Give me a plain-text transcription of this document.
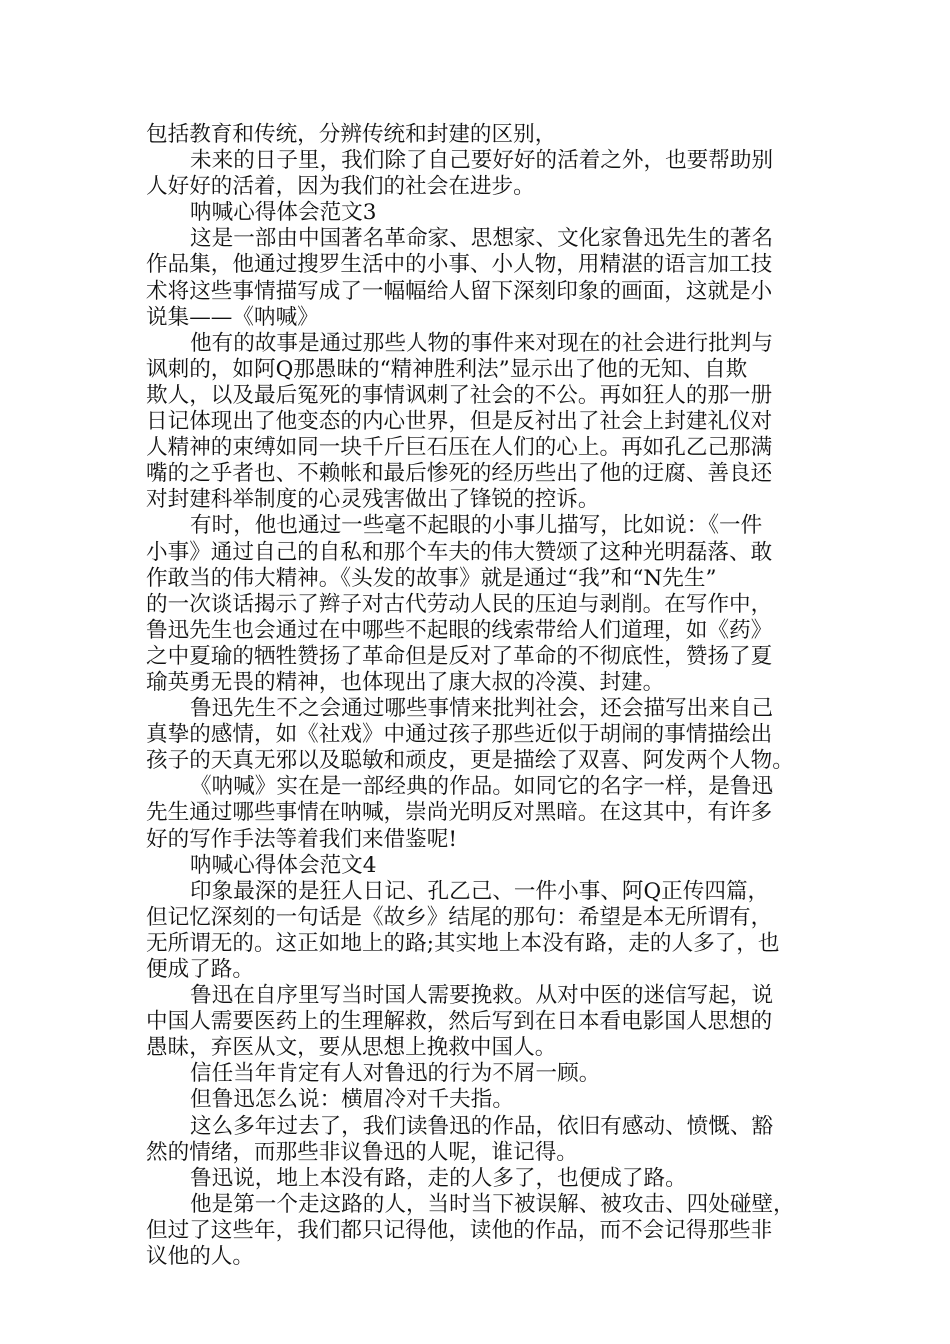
包括教育和传统，分辨传统和封建的区别，
未来的日子里，我们除了自己要好好的活着之外，也要帮助别
人好好的活着，因为我们的社会在进步。
呐喊心得体会范文3
这是一部由中国著名革命家、思想家、文化家鲁迅先生的著名
作品集，他通过搜罗生活中的小事、小人物，用精湛的语言加工技
术将这些事情描写成了一幅幅给人留下深刻印象的画面，这就是小
说集——《呐喊》
他有的故事是通过那些人物的事件来对现在的社会进行批判与
讽刺的，如阿Q那愚昧的“精神胜利法”显示出了他的无知、自欺
欺人，以及最后冤死的事情讽刺了社会的不公。再如狂人的那一册
日记体现出了他变态的内心世界，但是反衬出了社会上封建礼仪对
人精神的束缚如同一块千斤巨石压在人们的心上。再如孔乙己那满
嘴的之乎者也、不赖帐和最后惨死的经历些出了他的迂腐、善良还
对封建科举制度的心灵残害做出了锋锐的控诉。
有时，他也通过一些毫不起眼的小事儿描写，比如说：《一件
小事》通过自己的自私和那个车夫的伟大赞颂了这种光明磊落、敢
作敢当的伟大精神。《头发的故事》就是通过“我”和“N先生”
的一次谈话揭示了辫子对古代劳动人民的压迫与剥削。在写作中，
鲁迅先生也会通过在中哪些不起眼的线索带给人们道理，如《药》
之中夏瑜的牺牲赞扬了革命但是反对了革命的不彻底性，赞扬了夏
瑜英勇无畏的精神，也体现出了康大叔的冷漠、封建。
鲁迅先生不之会通过哪些事情来批判社会，还会描写出来自己
真挚的感情，如《社戏》中通过孩子那些近似于胡闹的事情描绘出
孩子的天真无邪以及聪敏和顽皮，更是描绘了双喜、阿发两个人物。
《呐喊》实在是一部经典的作品。如同它的名字一样，是鲁迅
先生通过哪些事情在呐喊，崇尚光明反对黑暗。在这其中，有许多
好的写作手法等着我们来借鉴呢!
呐喊心得体会范文4
印象最深的是狂人日记、孔乙己、一件小事、阿Q正传四篇，
但记忆深刻的一句话是《故乡》结尾的那句：希望是本无所谓有，
无所谓无的。这正如地上的路;其实地上本没有路，走的人多了，也
便成了路。
鲁迅在自序里写当时国人需要挽救。从对中医的迷信写起，说
中国人需要医药上的生理解救，然后写到在日本看电影国人思想的
愚昧，弃医从文，要从思想上挽救中国人。
信任当年肯定有人对鲁迅的行为不屑一顾。
但鲁迅怎么说：横眉冷对千夫指。
这么多年过去了，我们读鲁迅的作品，依旧有感动、愤慨、豁
然的情绪，而那些非议鲁迅的人呢，谁记得。
鲁迅说，地上本没有路，走的人多了，也便成了路。
他是第一个走这路的人，当时当下被误解、被攻击、四处碰壁，
但过了这些年，我们都只记得他，读他的作品，而不会记得那些非
议他的人。
